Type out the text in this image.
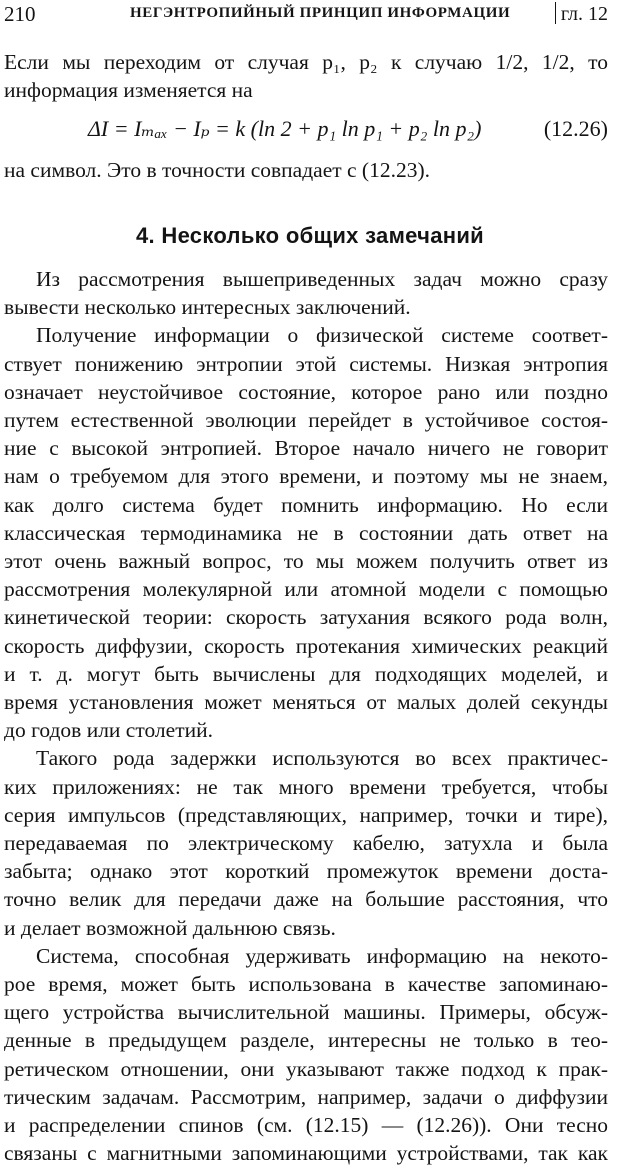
210	НЕГЭНТРОПИЙНЫЙ ПРИНЦИП ИНФОРМАЦИИ	гл. 12

Если мы переходим от случая p₁, p₂ к случаю 1/2, 1/2, то

информация изменяется на

ΔI = Iₘₐₓ − Iₚ = k (ln 2 + p₁ ln p₁ + p₂ ln p₂)	(12.26)

на символ. Это в точности совпадает с (12.23).

4. Несколько общих замечаний

Из рассмотрения вышеприведенных задач можно сразу

вывести несколько интересных заключений.

Получение информации о физической системе соответ-

ствует понижению энтропии этой системы. Низкая энтропия

означает неустойчивое состояние, которое рано или поздно

путем естественной эволюции перейдет в устойчивое состоя-

ние с высокой энтропией. Второе начало ничего не говорит

нам о требуемом для этого времени, и поэтому мы не знаем,

как долго система будет помнить информацию. Но если

классическая термодинамика не в состоянии дать ответ на

этот очень важный вопрос, то мы можем получить ответ из

рассмотрения молекулярной или атомной модели с помощью

кинетической теории: скорость затухания всякого рода волн,

скорость диффузии, скорость протекания химических реакций

и т. д. могут быть вычислены для подходящих моделей, и

время установления может меняться от малых долей секунды

до годов или столетий.

Такого рода задержки используются во всех практичес-

ких приложениях: не так много времени требуется, чтобы

серия импульсов (представляющих, например, точки и тире),

передаваемая по электрическому кабелю, затухла и была

забыта; однако этот короткий промежуток времени доста-

точно велик для передачи даже на большие расстояния, что

и делает возможной дальнюю связь.

Система, способная удерживать информацию на некото-

рое время, может быть использована в качестве запоминаю-

щего устройства вычислительной машины. Примеры, обсуж-

денные в предыдущем разделе, интересны не только в тео-

ретическом отношении, они указывают также подход к прак-

тическим задачам. Рассмотрим, например, задачи о диффузии

и распределении спинов (см. (12.15) — (12.26)). Они тесно

связаны с магнитными запоминающими устройствами, так как
